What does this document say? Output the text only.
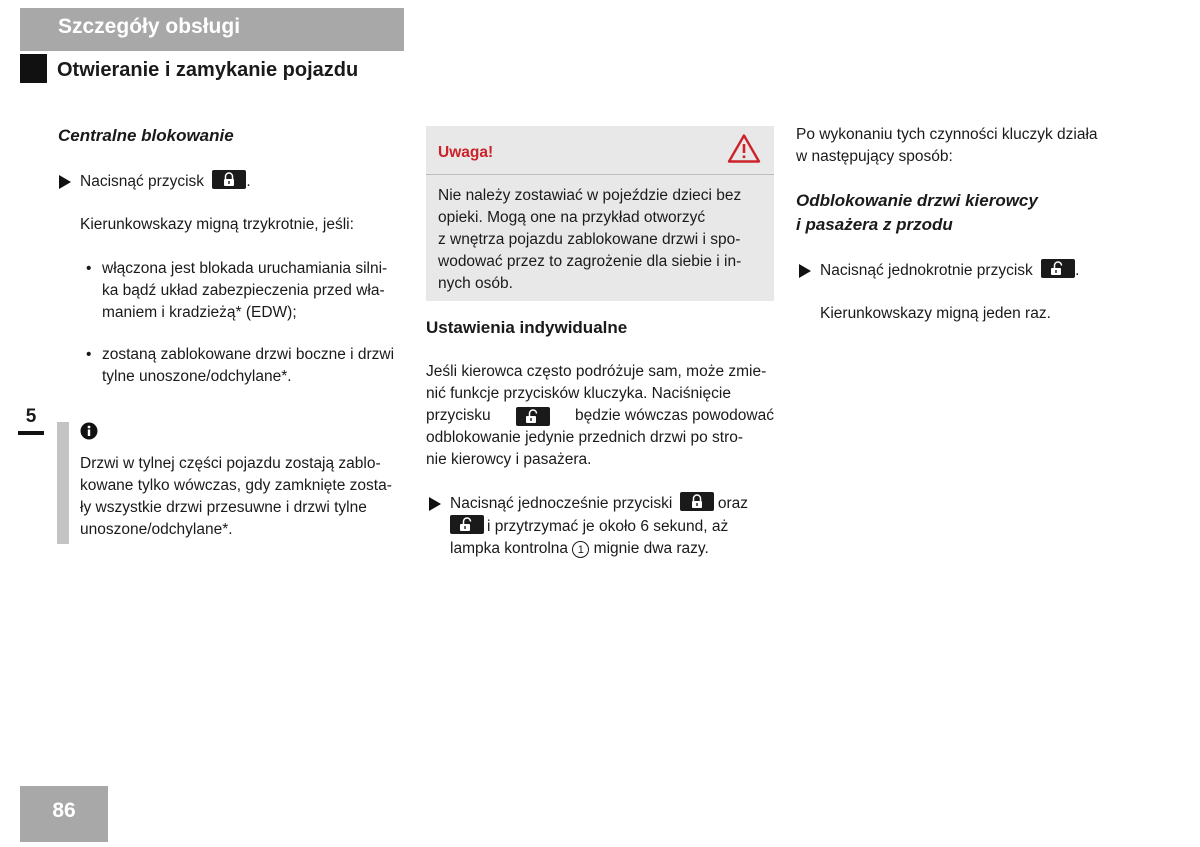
Szczegóły obsługi
Otwieranie i zamykanie pojazdu
5
Centralne blokowanie
Nacisnąć przycisk	.
Kierunkowskazy migną trzykrotnie, jeśli:
• włączona jest blokada uruchamiania silni-
ka bądź układ zabezpieczenia przed wła-
maniem i kradzieżą* (EDW);
• zostaną zablokowane drzwi boczne i drzwi
tylne unoszone/odchylane*.
Drzwi w tylnej części pojazdu zostają zablo-
kowane tylko wówczas, gdy zamknięte zosta-
ły wszystkie drzwi przesuwne i drzwi tylne
unoszone/odchylane*.
Uwaga!
Nie należy zostawiać w pojeździe dzieci bez
opieki. Mogą one na przykład otworzyć
z wnętrza pojazdu zablokowane drzwi i spo-
wodować przez to zagrożenie dla siebie i in-
nych osób.
Ustawienia indywidualne
Jeśli kierowca często podróżuje sam, może zmie-
nić funkcje przycisków kluczyka. Naciśnięcie
przycisku	będzie wówczas powodować
odblokowanie jedynie przednich drzwi po stro-
nie kierowcy i pasażera.
Nacisnąć jednocześnie przyciski	oraz
i przytrzymać je około 6 sekund, aż
lampka kontrolna 1 mignie dwa razy.
Po wykonaniu tych czynności kluczyk działa
w następujący sposób:
Odblokowanie drzwi kierowcy
i pasażera z przodu
Nacisnąć jednokrotnie przycisk	.
Kierunkowskazy migną jeden raz.
86
